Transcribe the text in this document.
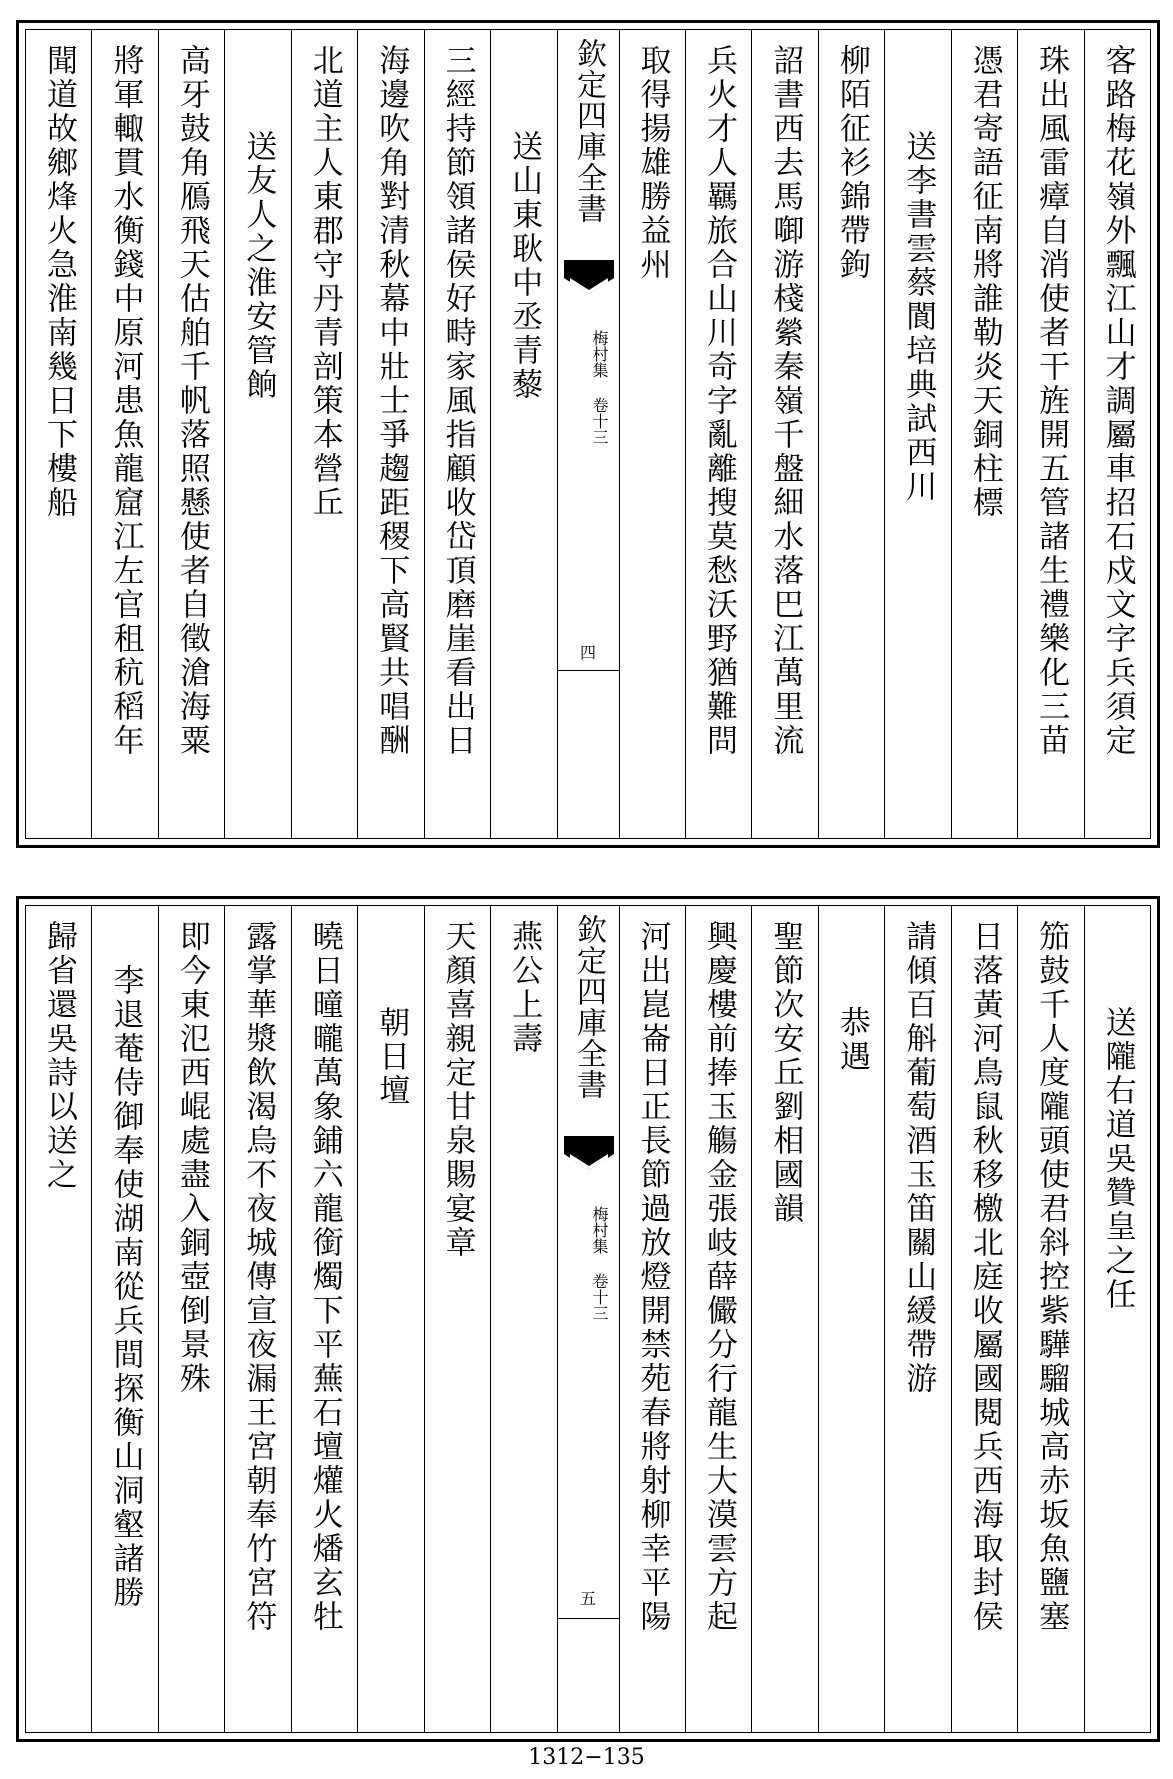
客路梅花嶺外飄江山才調屬車招石戍文字兵須定
珠出風雷瘴自消使者干旌開五管諸生禮樂化三苗
憑君寄語征南將誰勒炎天銅柱標
送李書雲蔡閬培典試西川
柳陌征衫錦帶鉤
詔書西去馬啣游棧縈秦嶺千盤細水落巴江萬里流
兵火才人羈旅合山川奇字亂離搜莫愁沃野猶難問
取得揚雄勝益州
欽定四庫全書
梅村集 卷十三
四
送山東耿中丞青藜
三經持節領諸侯好畤家風指顧收岱頂磨崖看出日
海邊吹角對清秋幕中壯士爭趨距稷下高賢共唱酬
北道主人東郡守丹青剖策本營丘
送友人之淮安管餉
高牙鼓角鴈飛天估舶千帆落照懸使者自徵滄海粟
將軍輙貫水衡錢中原河患魚龍窟江左官租秔稻年
聞道故鄉烽火急淮南幾日下樓船
送隴右道吳贊皇之任
笳鼓千人度隴頭使君斜控紫驊騮城高赤坂魚鹽塞
日落黃河鳥鼠秋移檄北庭收屬國閱兵西海取封侯
請傾百斛葡萄酒玉笛關山緩帶游
恭遇
聖節次安丘劉相國韻
興慶樓前捧玉觴金張岐薛儼分行龍生大漠雲方起
河出崑崙日正長節過放燈開禁苑春將射柳幸平陽
欽定四庫全書
梅村集 卷十三
五
燕公上壽
天顏喜親定甘泉賜宴章
朝日壇
曉日曈曨萬象鋪六龍銜燭下平蕪石壇爟火燔玄牡
露掌華漿飲渴烏不夜城傳宣夜漏王宮朝奉竹宮符
即今東氾西崐處盡入銅壺倒景殊
李退菴侍御奉使湖南從兵間探衡山洞壑諸勝
歸省還吳詩以送之
1312−135
